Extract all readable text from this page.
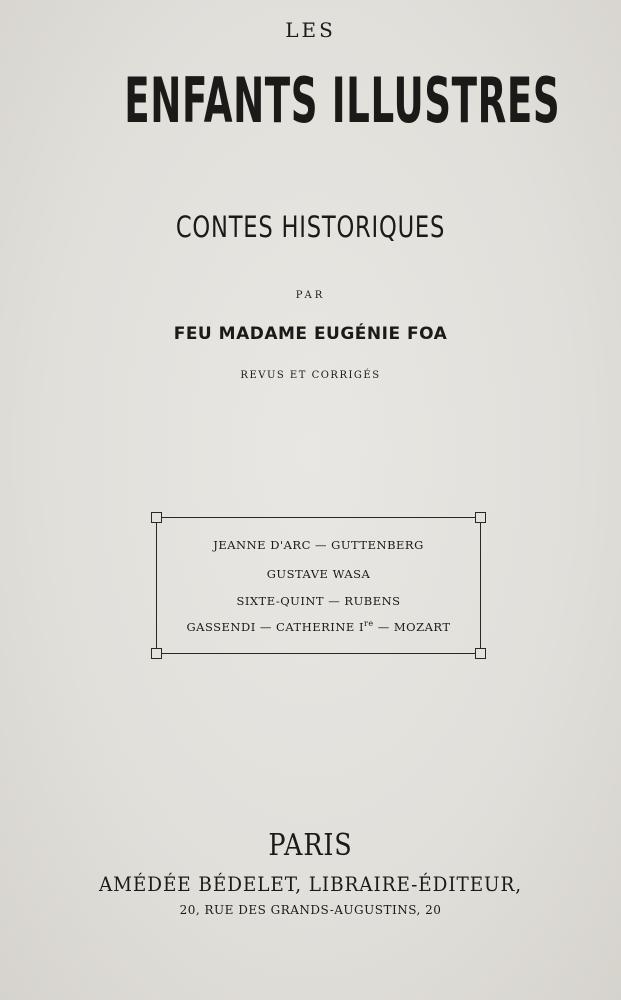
LES
ENFANTS ILLUSTRES
CONTES HISTORIQUES
PAR
FEU MADAME EUGÉNIE FOA
REVUS ET CORRIGÉS
JEANNE D'ARC — GUTTENBERG
GUSTAVE WASA
SIXTE-QUINT — RUBENS
GASSENDI — CATHERINE Ire — MOZART
PARIS
AMÉDÉE BÉDELET, LIBRAIRE-ÉDITEUR,
20, RUE DES GRANDS-AUGUSTINS, 20
